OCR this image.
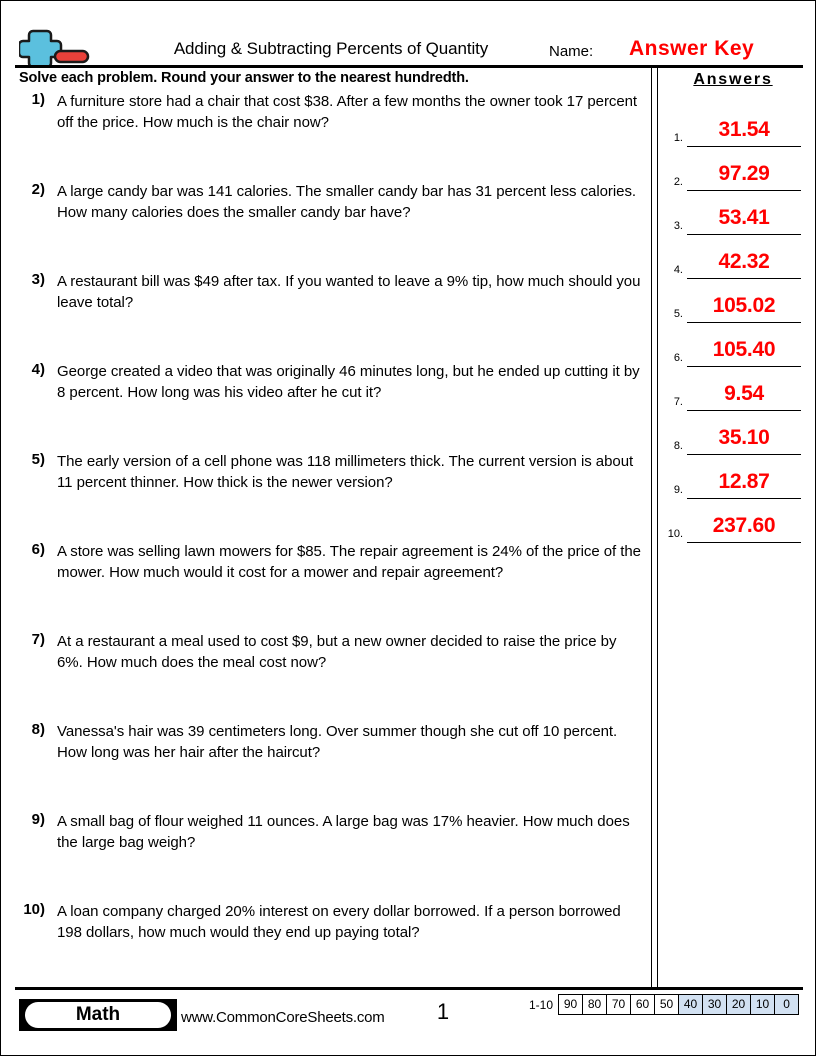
Adding & Subtracting Percents of Quantity	Name: Answer Key
Solve each problem. Round your answer to the nearest hundredth.
1) A furniture store had a chair that cost $38. After a few months the owner took 17 percent off the price. How much is the chair now?
2) A large candy bar was 141 calories. The smaller candy bar has 31 percent less calories. How many calories does the smaller candy bar have?
3) A restaurant bill was $49 after tax. If you wanted to leave a 9% tip, how much should you leave total?
4) George created a video that was originally 46 minutes long, but he ended up cutting it by 8 percent. How long was his video after he cut it?
5) The early version of a cell phone was 118 millimeters thick. The current version is about 11 percent thinner. How thick is the newer version?
6) A store was selling lawn mowers for $85. The repair agreement is 24% of the price of the mower. How much would it cost for a mower and repair agreement?
7) At a restaurant a meal used to cost $9, but a new owner decided to raise the price by 6%. How much does the meal cost now?
8) Vanessa's hair was 39 centimeters long. Over summer though she cut off 10 percent. How long was her hair after the haircut?
9) A small bag of flour weighed 11 ounces. A large bag was 17% heavier. How much does the large bag weigh?
10) A loan company charged 20% interest on every dollar borrowed. If a person borrowed 198 dollars, how much would they end up paying total?
Answers
1.	31.54
2.	97.29
3.	53.41
4.	42.32
5.	105.02
6.	105.40
7.	9.54
8.	35.10
9.	12.87
10.	237.60
Math	www.CommonCoreSheets.com	1	1-10 90 80 70 60 50 40 30 20 10	0
